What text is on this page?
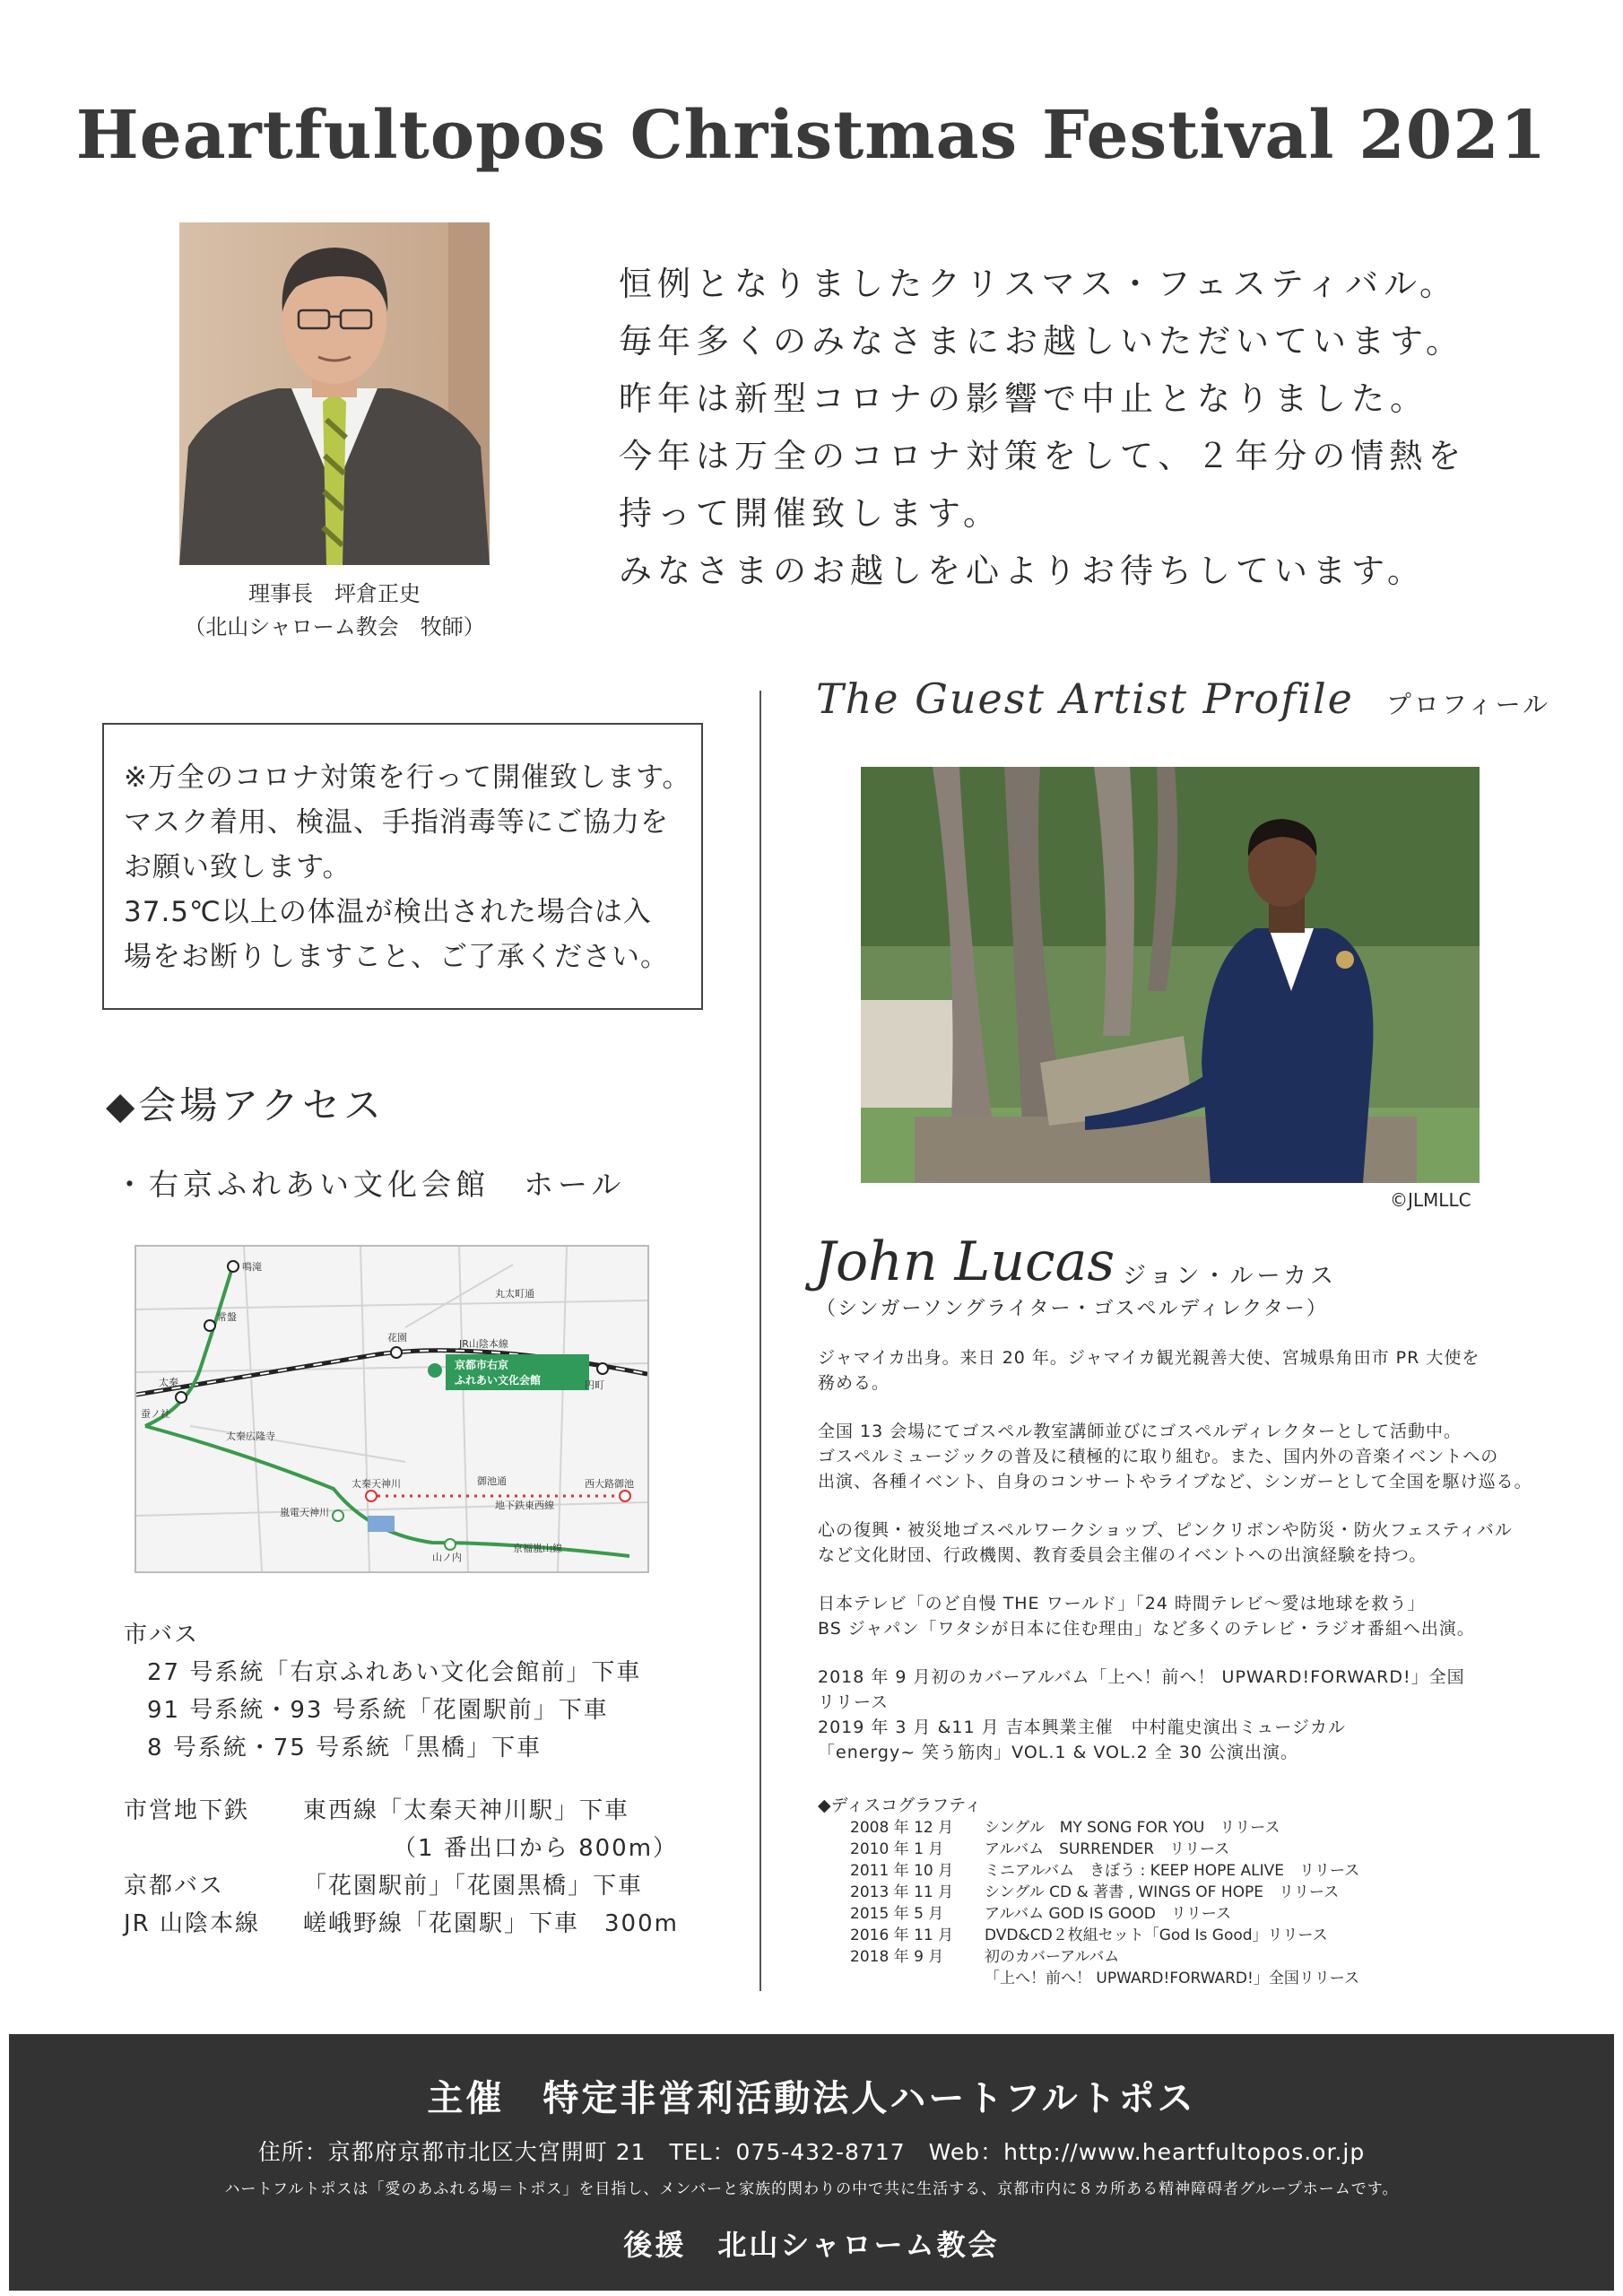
Heartfultopos Christmas Festival 2021
理事長　坪倉正史
（北山シャローム教会　牧師）
恒例となりましたクリスマス・フェスティバル。
毎年多くのみなさまにお越しいただいています。
昨年は新型コロナの影響で中止となりました。
今年は万全のコロナ対策をして、２年分の情熱を
持って開催致します。
みなさまのお越しを心よりお待ちしています。
※万全のコロナ対策を行って開催致します。
マスク着用、検温、手指消毒等にご協力を
お願い致します。
37.5℃以上の体温が検出された場合は入
場をお断りしますこと、ご了承ください。
◆会場アクセス
・右京ふれあい文化会館　ホール
鳴滝
常盤
太秦
蚕ノ社
花園
円町
JR山陰本線
京都市右京
ふれあい文化会館
太秦広隆寺
太秦天神川	西大路御池
嵐電天神川
山ノ内
地下鉄東西線
京福嵐山線
御池通
丸太町通
市バス
27 号系統「右京ふれあい文化会館前」下車
91 号系統・93 号系統「花園駅前」下車
8 号系統・75 号系統「黒橋」下車
市営地下鉄 東西線「太秦天神川駅」下車
（1 番出口から 800m）
京都バス	「花園駅前」「花園黒橋」下車
JR 山陰本線 嵯峨野線「花園駅」下車　300m
The Guest Artist Profile プロフィール
©JLMLLC
John Lucas ジョン・ルーカス
（シンガーソングライター・ゴスペルディレクター）
ジャマイカ出身。来日 20 年。ジャマイカ観光親善大使、宮城県角田市 PR 大使を
務める。
全国 13 会場にてゴスペル教室講師並びにゴスペルディレクターとして活動中。
ゴスペルミュージックの普及に積極的に取り組む。また、国内外の音楽イベントへの
出演、各種イベント、自身のコンサートやライブなど、シンガーとして全国を駆け巡る。
心の復興・被災地ゴスペルワークショップ、ピンクリボンや防災・防火フェスティバル
など文化財団、行政機関、教育委員会主催のイベントへの出演経験を持つ。
日本テレビ「のど自慢 THE ワールド」「24 時間テレビ～愛は地球を救う」
BS ジャパン「ワタシが日本に住む理由」など多くのテレビ・ラジオ番組へ出演。
2018 年 9 月初のカバーアルバム「上へ！前へ！ UPWARD!FORWARD!」全国
リリース
2019 年 3 月 &11 月 吉本興業主催　中村龍史演出ミュージカル
「energy~ 笑う筋肉」VOL.1 & VOL.2 全 30 公演出演。
◆ディスコグラフティ
2008 年 12 月 シングル　MY SONG FOR YOU　リリース
2010 年 1 月	アルバム　SURRENDER　リリース
2011 年 10 月 ミニアルバム　きぼう : KEEP HOPE ALIVE　リリース
2013 年 11 月 シングル CD & 著書 , WINGS OF HOPE　リリース
2015 年 5 月	アルバム GOD IS GOOD　リリース
2016 年 11 月 DVD&CD２枚組セット「God Is Good」リリース
2018 年 9 月	初のカバーアルバム
「上へ！前へ！ UPWARD!FORWARD!」全国リリース
主催　特定非営利活動法人ハートフルトポス
住所：京都府京都市北区大宮開町 21　TEL：075-432-8717　Web：http://www.heartfultopos.or.jp
ハートフルトポスは「愛のあふれる場＝トポス」を目指し、メンバーと家族的関わりの中で共に生活する、京都市内に８カ所ある精神障碍者グループホームです。
後援　北山シャローム教会
